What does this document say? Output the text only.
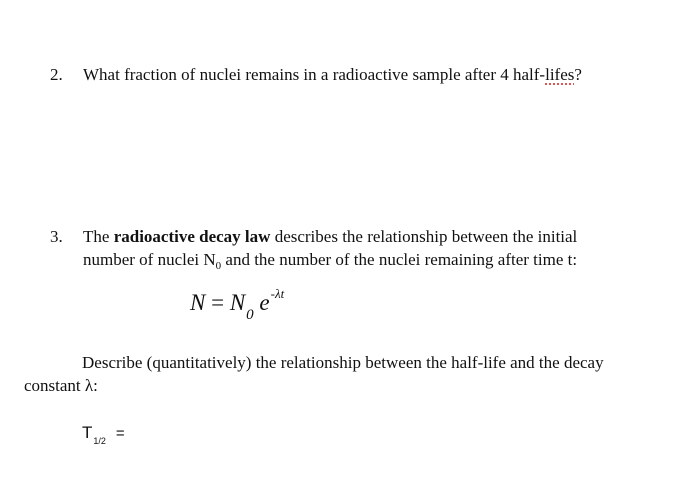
2. What fraction of nuclei remains in a radioactive sample after 4 half-lifes?
3. The radioactive decay law describes the relationship between the initial
number of nuclei $N_0$ and the number of the nuclei remaining after time t:
$N = N_0$ $e^{-\lambda t}$
Describe (quantitatively) the relationship between the half-life and the decay
constant λ:
$T_{1/2}$ =
